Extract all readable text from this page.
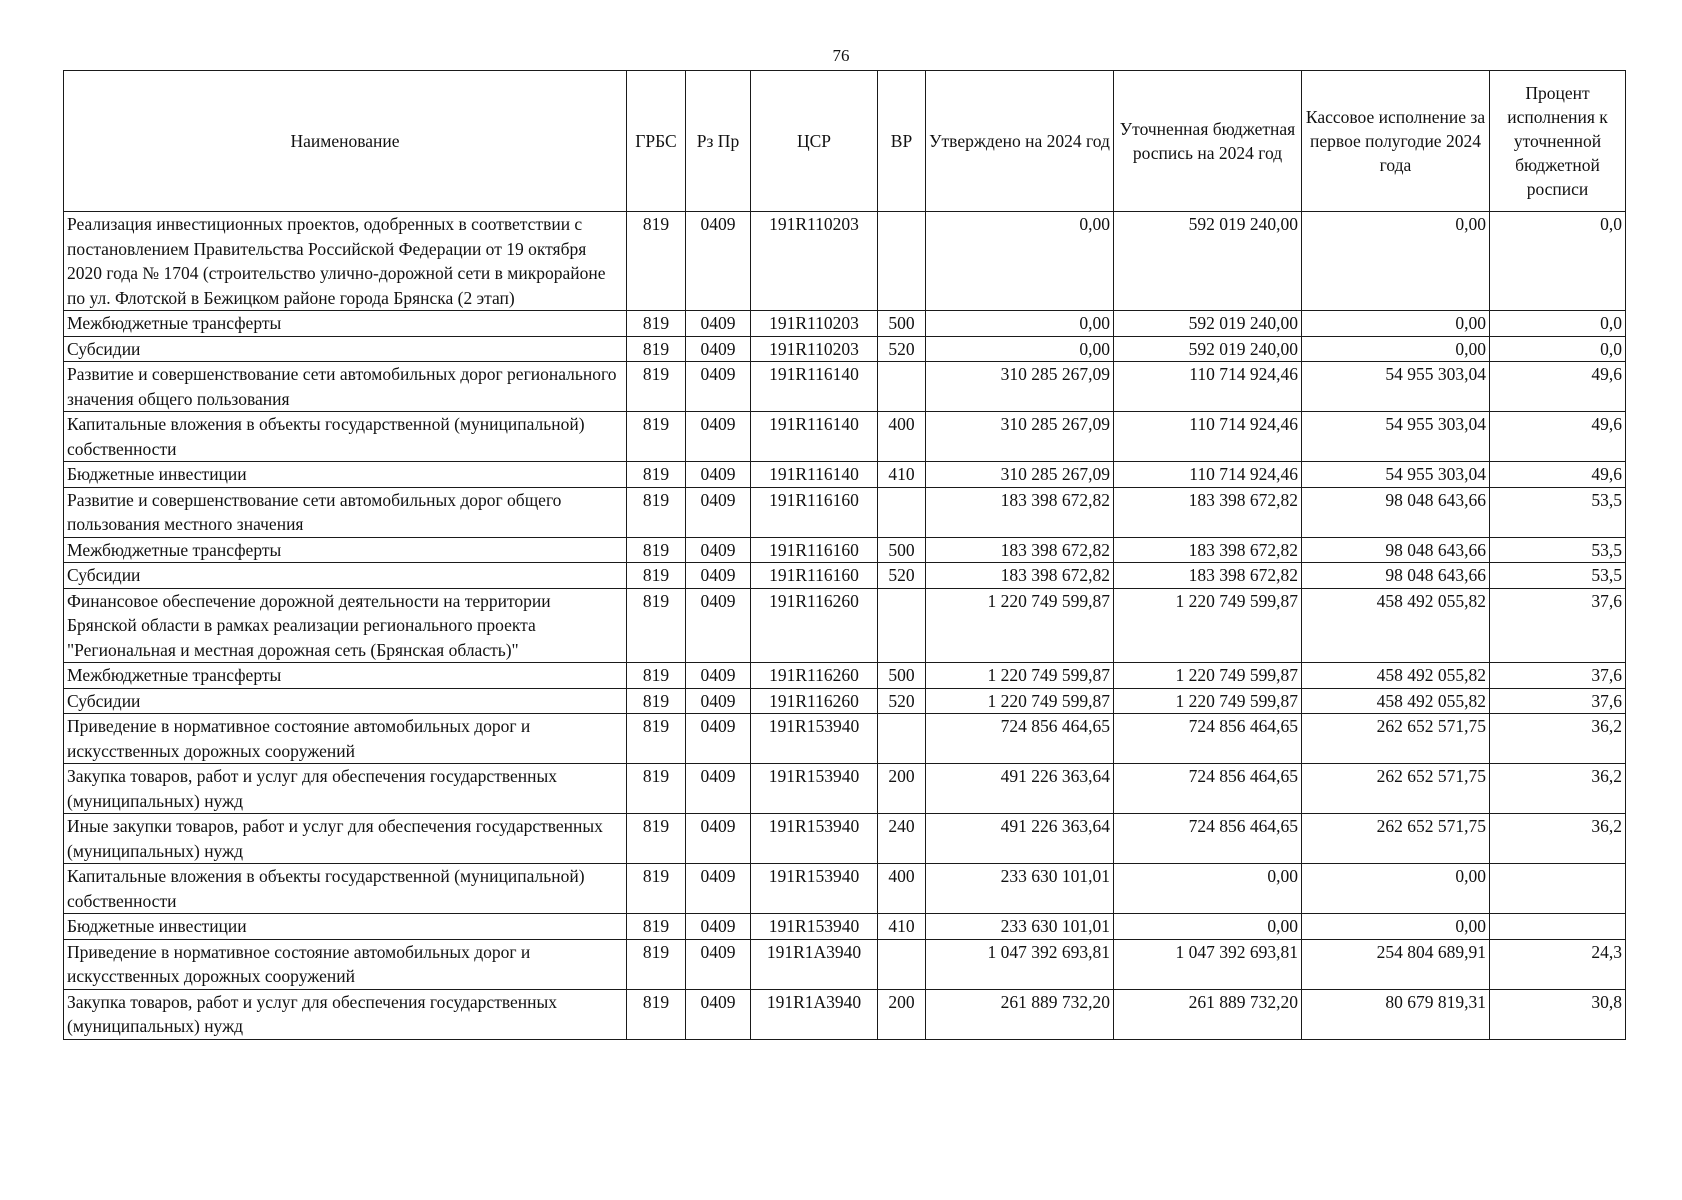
76
Наименование	ГРБС	Рз Пр	ЦСР	ВР	Утверждено на 2024 год	Уточненная бюджетная роспись на 2024 год	Кассовое исполнение за первое полугодие 2024 года	Процент исполнения к уточненной бюджетной росписи
Реализация инвестиционных проектов, одобренных в соответствии с постановлением Правительства Российской Федерации от 19 октября 2020 года № 1704 (строительство улично-дорожной сети в микрорайоне по ул. Флотской в Бежицком районе города Брянска (2 этап)	819	0409	191R110203		0,00	592 019 240,00	0,00	0,0
Межбюджетные трансферты	819	0409	191R110203	500	0,00	592 019 240,00	0,00	0,0
Субсидии	819	0409	191R110203	520	0,00	592 019 240,00	0,00	0,0
Развитие и совершенствование сети автомобильных дорог регионального значения общего пользования	819	0409	191R116140		310 285 267,09	110 714 924,46	54 955 303,04	49,6
Капитальные вложения в объекты государственной (муниципальной) собственности	819	0409	191R116140	400	310 285 267,09	110 714 924,46	54 955 303,04	49,6
Бюджетные инвестиции	819	0409	191R116140	410	310 285 267,09	110 714 924,46	54 955 303,04	49,6
Развитие и совершенствование сети автомобильных дорог общего пользования местного значения	819	0409	191R116160		183 398 672,82	183 398 672,82	98 048 643,66	53,5
Межбюджетные трансферты	819	0409	191R116160	500	183 398 672,82	183 398 672,82	98 048 643,66	53,5
Субсидии	819	0409	191R116160	520	183 398 672,82	183 398 672,82	98 048 643,66	53,5
Финансовое обеспечение дорожной деятельности на территории Брянской области в рамках реализации регионального проекта "Региональная и местная дорожная сеть (Брянская область)"	819	0409	191R116260		1 220 749 599,87	1 220 749 599,87	458 492 055,82	37,6
Межбюджетные трансферты	819	0409	191R116260	500	1 220 749 599,87	1 220 749 599,87	458 492 055,82	37,6
Субсидии	819	0409	191R116260	520	1 220 749 599,87	1 220 749 599,87	458 492 055,82	37,6
Приведение в нормативное состояние автомобильных дорог и искусственных дорожных сооружений	819	0409	191R153940		724 856 464,65	724 856 464,65	262 652 571,75	36,2
Закупка товаров, работ и услуг для обеспечения государственных (муниципальных) нужд	819	0409	191R153940	200	491 226 363,64	724 856 464,65	262 652 571,75	36,2
Иные закупки товаров, работ и услуг для обеспечения государственных (муниципальных) нужд	819	0409	191R153940	240	491 226 363,64	724 856 464,65	262 652 571,75	36,2
Капитальные вложения в объекты государственной (муниципальной) собственности	819	0409	191R153940	400	233 630 101,01	0,00	0,00	
Бюджетные инвестиции	819	0409	191R153940	410	233 630 101,01	0,00	0,00	
Приведение в нормативное состояние автомобильных дорог и искусственных дорожных сооружений	819	0409	191R1A3940		1 047 392 693,81	1 047 392 693,81	254 804 689,91	24,3
Закупка товаров, работ и услуг для обеспечения государственных (муниципальных) нужд	819	0409	191R1A3940	200	261 889 732,20	261 889 732,20	80 679 819,31	30,8
